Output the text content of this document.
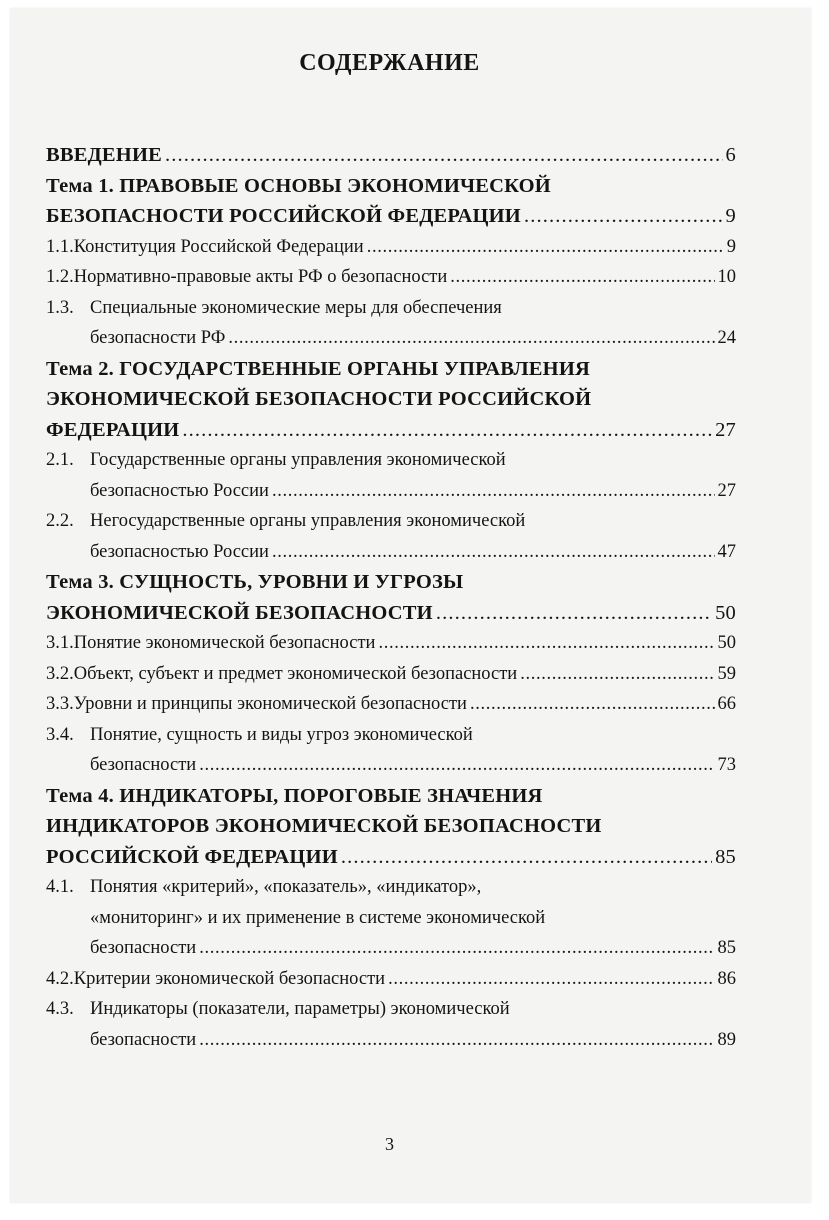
СОДЕРЖАНИЕ
ВВЕДЕНИЕ . . .	6
Тема 1. ПРАВОВЫЕ ОСНОВЫ ЭКОНОМИЧЕСКОЙ
БЕЗОПАСНОСТИ РОССИЙСКОЙ ФЕДЕРАЦИИ . . .	9
1.1. Конституция Российской Федерации . . .	9
1.2. Нормативно-правовые акты РФ о безопасности . . .	10
1.3. Специальные экономические меры для обеспечения
безопасности РФ . . .	24
Тема 2. ГОСУДАРСТВЕННЫЕ ОРГАНЫ УПРАВЛЕНИЯ
ЭКОНОМИЧЕСКОЙ БЕЗОПАСНОСТИ РОССИЙСКОЙ
ФЕДЕРАЦИИ . . .	27
2.1. Государственные органы управления экономической
безопасностью России . . .	27
2.2. Негосударственные органы управления экономической
безопасностью России . . .	47
Тема 3. СУЩНОСТЬ, УРОВНИ И УГРОЗЫ
ЭКОНОМИЧЕСКОЙ БЕЗОПАСНОСТИ . . .	50
3.1. Понятие экономической безопасности . . .	50
3.2. Объект, субъект и предмет экономической безопасности . . .	59
3.3. Уровни и принципы экономической безопасности . . .	66
3.4. Понятие, сущность и виды угроз экономической
безопасности . . .	73
Тема 4. ИНДИКАТОРЫ, ПОРОГОВЫЕ ЗНАЧЕНИЯ
ИНДИКАТОРОВ ЭКОНОМИЧЕСКОЙ БЕЗОПАСНОСТИ
РОССИЙСКОЙ ФЕДЕРАЦИИ . . .	85
4.1. Понятия «критерий», «показатель», «индикатор»,
«мониторинг» и их применение в системе экономической
безопасности . . .	85
4.2. Критерии экономической безопасности . . .	86
4.3. Индикаторы (показатели, параметры) экономической
безопасности . . .	89
3
